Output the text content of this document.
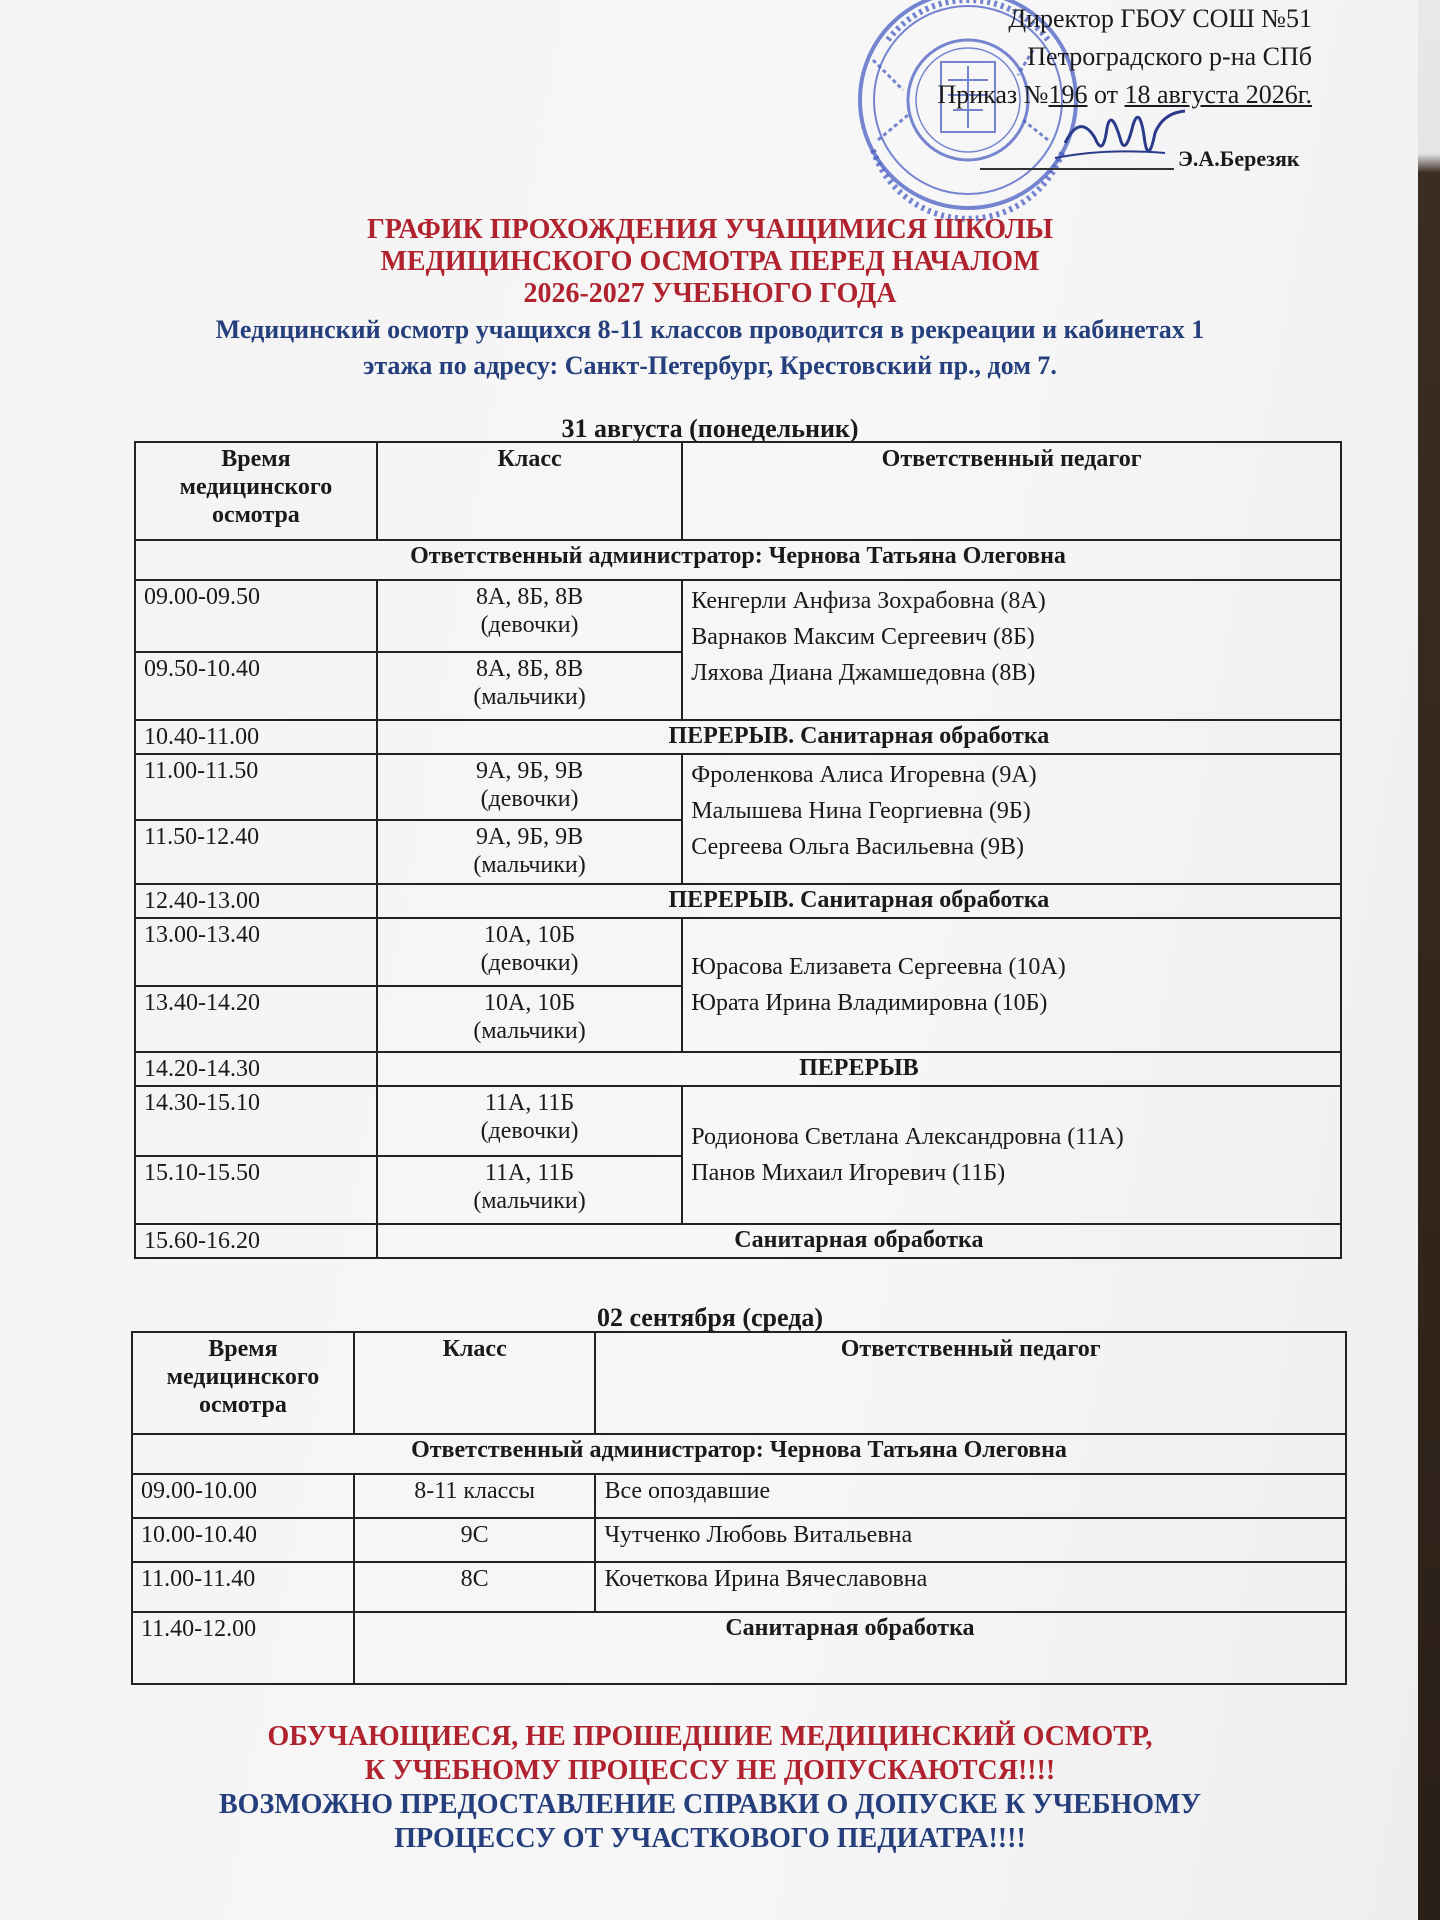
Директор ГБОУ СОШ №51
Петроградского р-на СПб
Приказ №196 от 18 августа 2026г.
Э.А.Березяк
ГРАФИК ПРОХОЖДЕНИЯ УЧАЩИМИСЯ ШКОЛЫ
МЕДИЦИНСКОГО ОСМОТРА ПЕРЕД НАЧАЛОМ
2026-2027 УЧЕБНОГО ГОДА
Медицинский осмотр учащихся 8-11 классов проводится в рекреации и кабинетах 1
этажа по адресу: Санкт-Петербург, Крестовский пр., дом 7.
31 августа (понедельник)
Время
медицинского
осмотра	Класс	Ответственный педагог
Ответственный администратор: Чернова Татьяна Олеговна		
09.00-09.50	8А, 8Б, 8В
(девочки)	Кенгерли Анфиза Зохрабовна (8А)
Варнаков Максим Сергеевич (8Б)
Ляхова Диана Джамшедовна (8В)

09.50-10.40	8А, 8Б, 8В
(мальчики)	

10.40-11.00	ПЕРЕРЫВ. Санитарная обработка	
11.00-11.50	9А, 9Б, 9В
(девочки)	Фроленкова Алиса Игоревна (9А)
Малышева Нина Георгиевна (9Б)
Сергеева Ольга Васильевна (9В)

11.50-12.40	9А, 9Б, 9В
(мальчики)	

12.40-13.00	ПЕРЕРЫВ. Санитарная обработка	
13.00-13.40	10А, 10Б
(девочки)	Юрасова Елизавета Сергеевна (10А)
Юрата Ирина Владимировна (10Б)

13.40-14.20	10А, 10Б
(мальчики)	

14.20-14.30	ПЕРЕРЫВ	
14.30-15.10	11А, 11Б
(девочки)	Родионова Светлана Александровна (11А)
Панов Михаил Игоревич (11Б)

15.10-15.50	11А, 11Б
(мальчики)	

15.60-16.20	Санитарная обработка	
02 сентября (среда)
Время
медицинского
осмотра	Класс	Ответственный педагог
Ответственный администратор: Чернова Татьяна Олеговна		
09.00-10.00	8-11 классы	Все опоздавшие
10.00-10.40	9С	Чутченко Любовь Витальевна
11.00-11.40	8С	Кочеткова Ирина Вячеславовна
11.40-12.00	Санитарная обработка	
ОБУЧАЮЩИЕСЯ, НЕ ПРОШЕДШИЕ МЕДИЦИНСКИЙ ОСМОТР,
К УЧЕБНОМУ ПРОЦЕССУ НЕ ДОПУСКАЮТСЯ!!!!
ВОЗМОЖНО ПРЕДОСТАВЛЕНИЕ СПРАВКИ О ДОПУСКЕ К УЧЕБНОМУ
ПРОЦЕССУ ОТ УЧАСТКОВОГО ПЕДИАТРА!!!!
